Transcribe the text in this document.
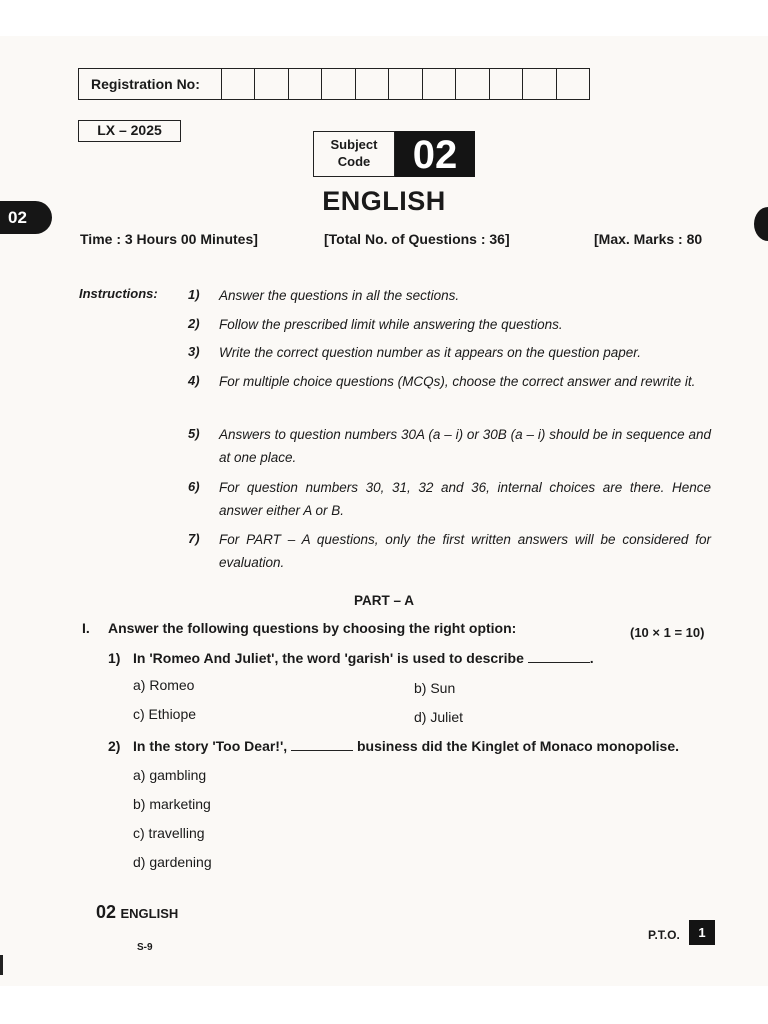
Registration No:
LX – 2025
Subject
Code	02
02
ENGLISH
Time : 3 Hours 00 Minutes]	[Total No. of Questions : 36]	[Max. Marks : 80
Instructions: 1) Answer the questions in all the sections.
2) Follow the prescribed limit while answering the questions.
3) Write the correct question number as it appears on the question paper.
4) For multiple choice questions (MCQs), choose the correct answer and rewrite it.
5) Answers to question numbers 30A (a – i) or 30B (a – i) should be in sequence and at one place.
6) For question numbers 30, 31, 32 and 36, internal choices are there. Hence answer either A or B.
7) For PART – A questions, only the first written answers will be considered for evaluation.
PART – A
I. Answer the following questions by choosing the right option:	(10 × 1 = 10)
1) In 'Romeo And Juliet', the word 'garish' is used to describe	.
a) Romeo	b) Sun
c) Ethiope	d) Juliet
2) In the story 'Too Dear!',	business did the Kinglet of Monaco monopolise.
a) gambling
b) marketing
c) travelling
d) gardening
02 ENGLISH
S-9
P.T.O.	1
